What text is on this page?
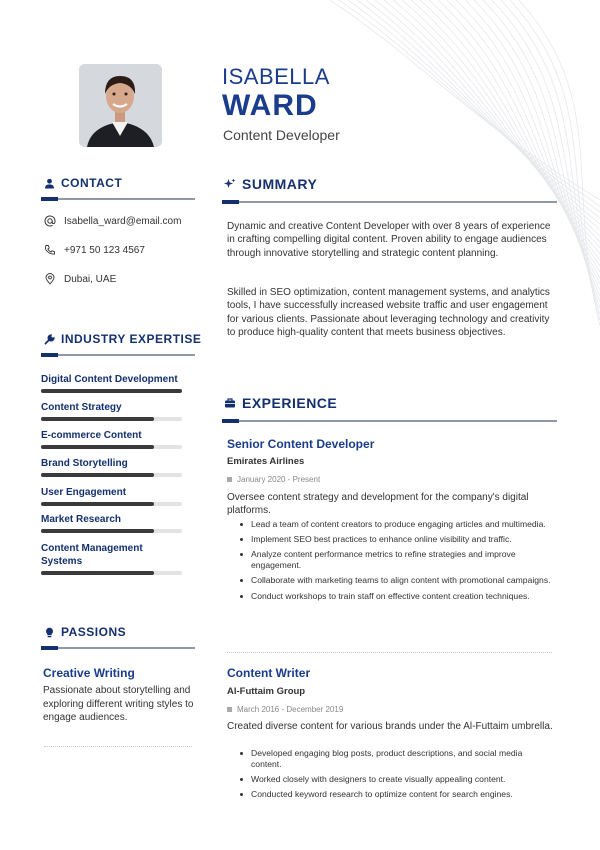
ISABELLA
WARD
Content Developer
CONTACT
Isabella_ward@email.com
+971 50 123 4567
Dubai, UAE
INDUSTRY EXPERTISE
Digital Content Development
Content Strategy
E-commerce Content
Brand Storytelling
User Engagement
Market Research
Content Management Systems
PASSIONS
Creative Writing
Passionate about storytelling and exploring different writing styles to engage audiences.
SUMMARY
Dynamic and creative Content Developer with over 8 years of experience in crafting compelling digital content. Proven ability to engage audiences through innovative storytelling and strategic content planning.
Skilled in SEO optimization, content management systems, and analytics tools, I have successfully increased website traffic and user engagement for various clients. Passionate about leveraging technology and creativity to produce high-quality content that meets business objectives.
EXPERIENCE
Senior Content Developer
Emirates Airlines
January 2020 - Present
Oversee content strategy and development for the company's digital platforms.
Lead a team of content creators to produce engaging articles and multimedia.
Implement SEO best practices to enhance online visibility and traffic.
Analyze content performance metrics to refine strategies and improve engagement.
Collaborate with marketing teams to align content with promotional campaigns.
Conduct workshops to train staff on effective content creation techniques.
Content Writer
Al-Futtaim Group
March 2016 - December 2019
Created diverse content for various brands under the Al-Futtaim umbrella.
Developed engaging blog posts, product descriptions, and social media content.
Worked closely with designers to create visually appealing content.
Conducted keyword research to optimize content for search engines.
